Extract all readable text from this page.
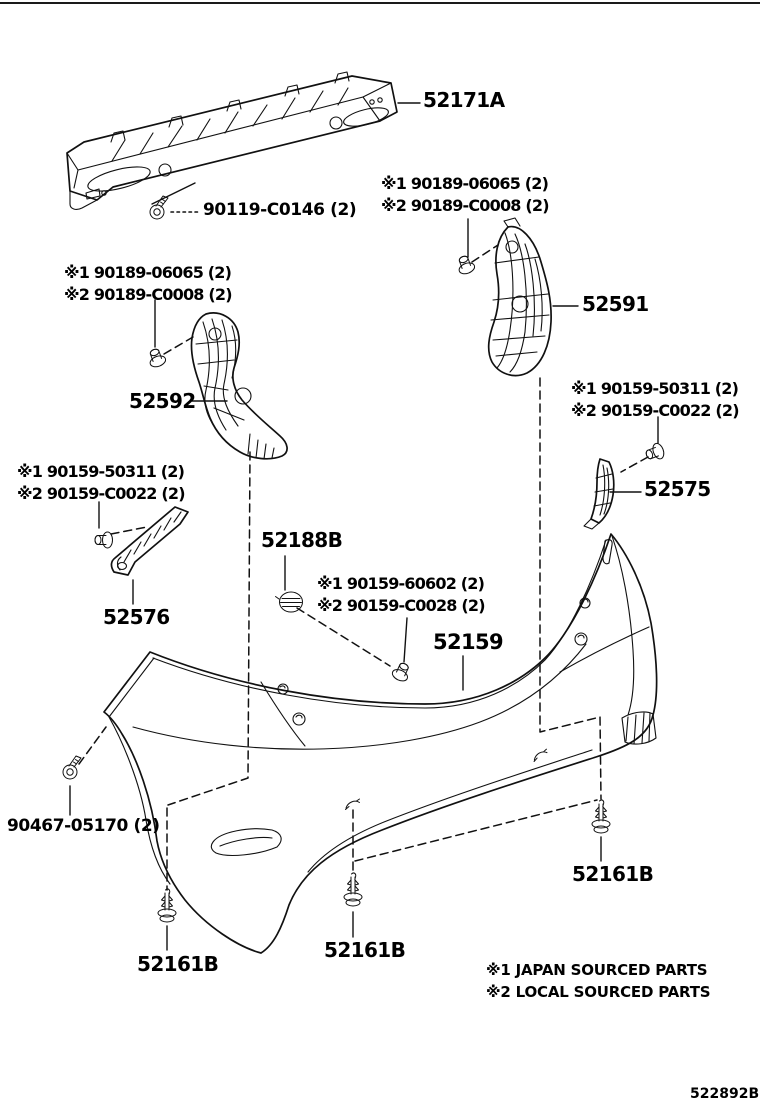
52171A
90119-C0146 (2)
※1 90189-06065 (2)
※2 90189-C0008 (2)
52591
※1 90189-06065 (2)
※2 90189-C0008 (2)
52592
※1 90159-50311 (2)
※2 90159-C0022 (2)
52575
※1 90159-50311 (2)
※2 90159-C0022 (2)
52576
52188B
※1 90159-60602 (2)
※2 90159-C0028 (2)
52159
90467-05170 (2)
52161B
52161B
52161B
※1 JAPAN SOURCED PARTS
※2 LOCAL SOURCED PARTS
522892B
